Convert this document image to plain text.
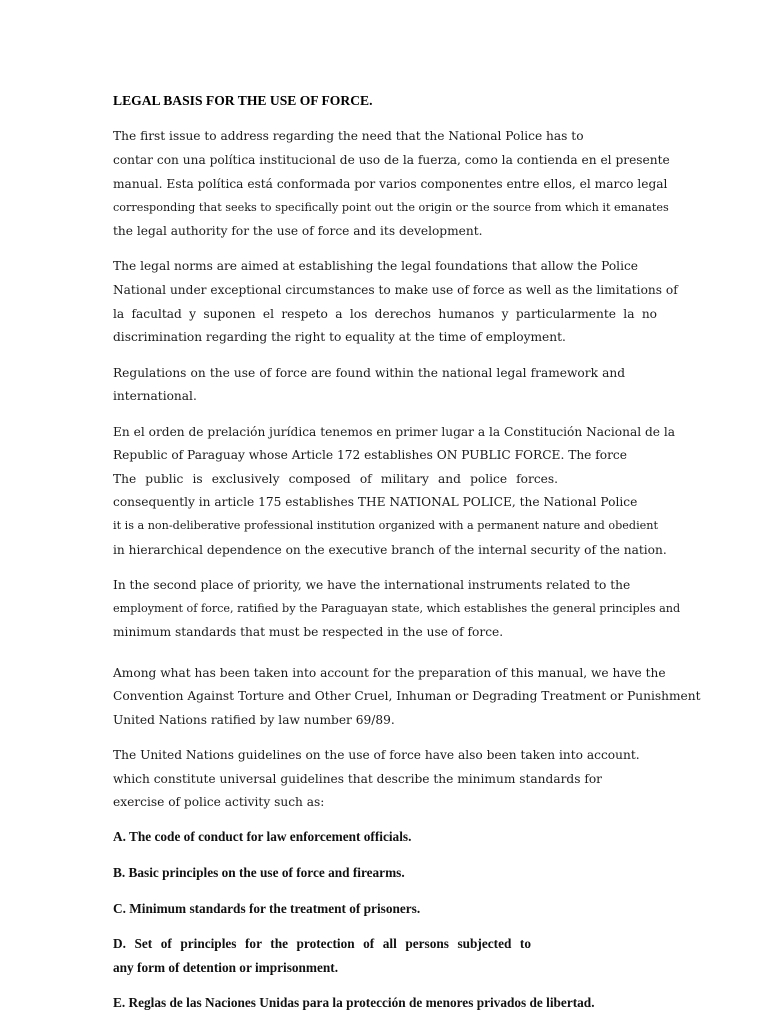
LEGAL BASIS FOR THE USE OF FORCE.
The first issue to address regarding the need that the National Police has to
contar con una política institucional de uso de la fuerza, como la contienda en el presente
manual. Esta política está conformada por varios componentes entre ellos, el marco legal
corresponding that seeks to specifically point out the origin or the source from which it emanates
the legal authority for the use of force and its development.
The legal norms are aimed at establishing the legal foundations that allow the Police
National under exceptional circumstances to make use of force as well as the limitations of
la facultad y suponen el respeto a los derechos humanos y particularmente la no
discrimination regarding the right to equality at the time of employment.
Regulations on the use of force are found within the national legal framework and
international.
En el orden de prelación jurídica tenemos en primer lugar a la Constitución Nacional de la
Republic of Paraguay whose Article 172 establishes ON PUBLIC FORCE. The force
The public is exclusively composed of military and police forces.
consequently in article 175 establishes THE NATIONAL POLICE, the National Police
it is a non-deliberative professional institution organized with a permanent nature and obedient
in hierarchical dependence on the executive branch of the internal security of the nation.
In the second place of priority, we have the international instruments related to the
employment of force, ratified by the Paraguayan state, which establishes the general principles and
minimum standards that must be respected in the use of force.
Among what has been taken into account for the preparation of this manual, we have the
Convention Against Torture and Other Cruel, Inhuman or Degrading Treatment or Punishment
United Nations ratified by law number 69/89.
The United Nations guidelines on the use of force have also been taken into account.
which constitute universal guidelines that describe the minimum standards for
exercise of police activity such as:
A. The code of conduct for law enforcement officials.
B. Basic principles on the use of force and firearms.
C. Minimum standards for the treatment of prisoners.
D. Set of principles for the protection of all persons subjected to
any form of detention or imprisonment.
E. Reglas de las Naciones Unidas para la protección de menores privados de libertad.
